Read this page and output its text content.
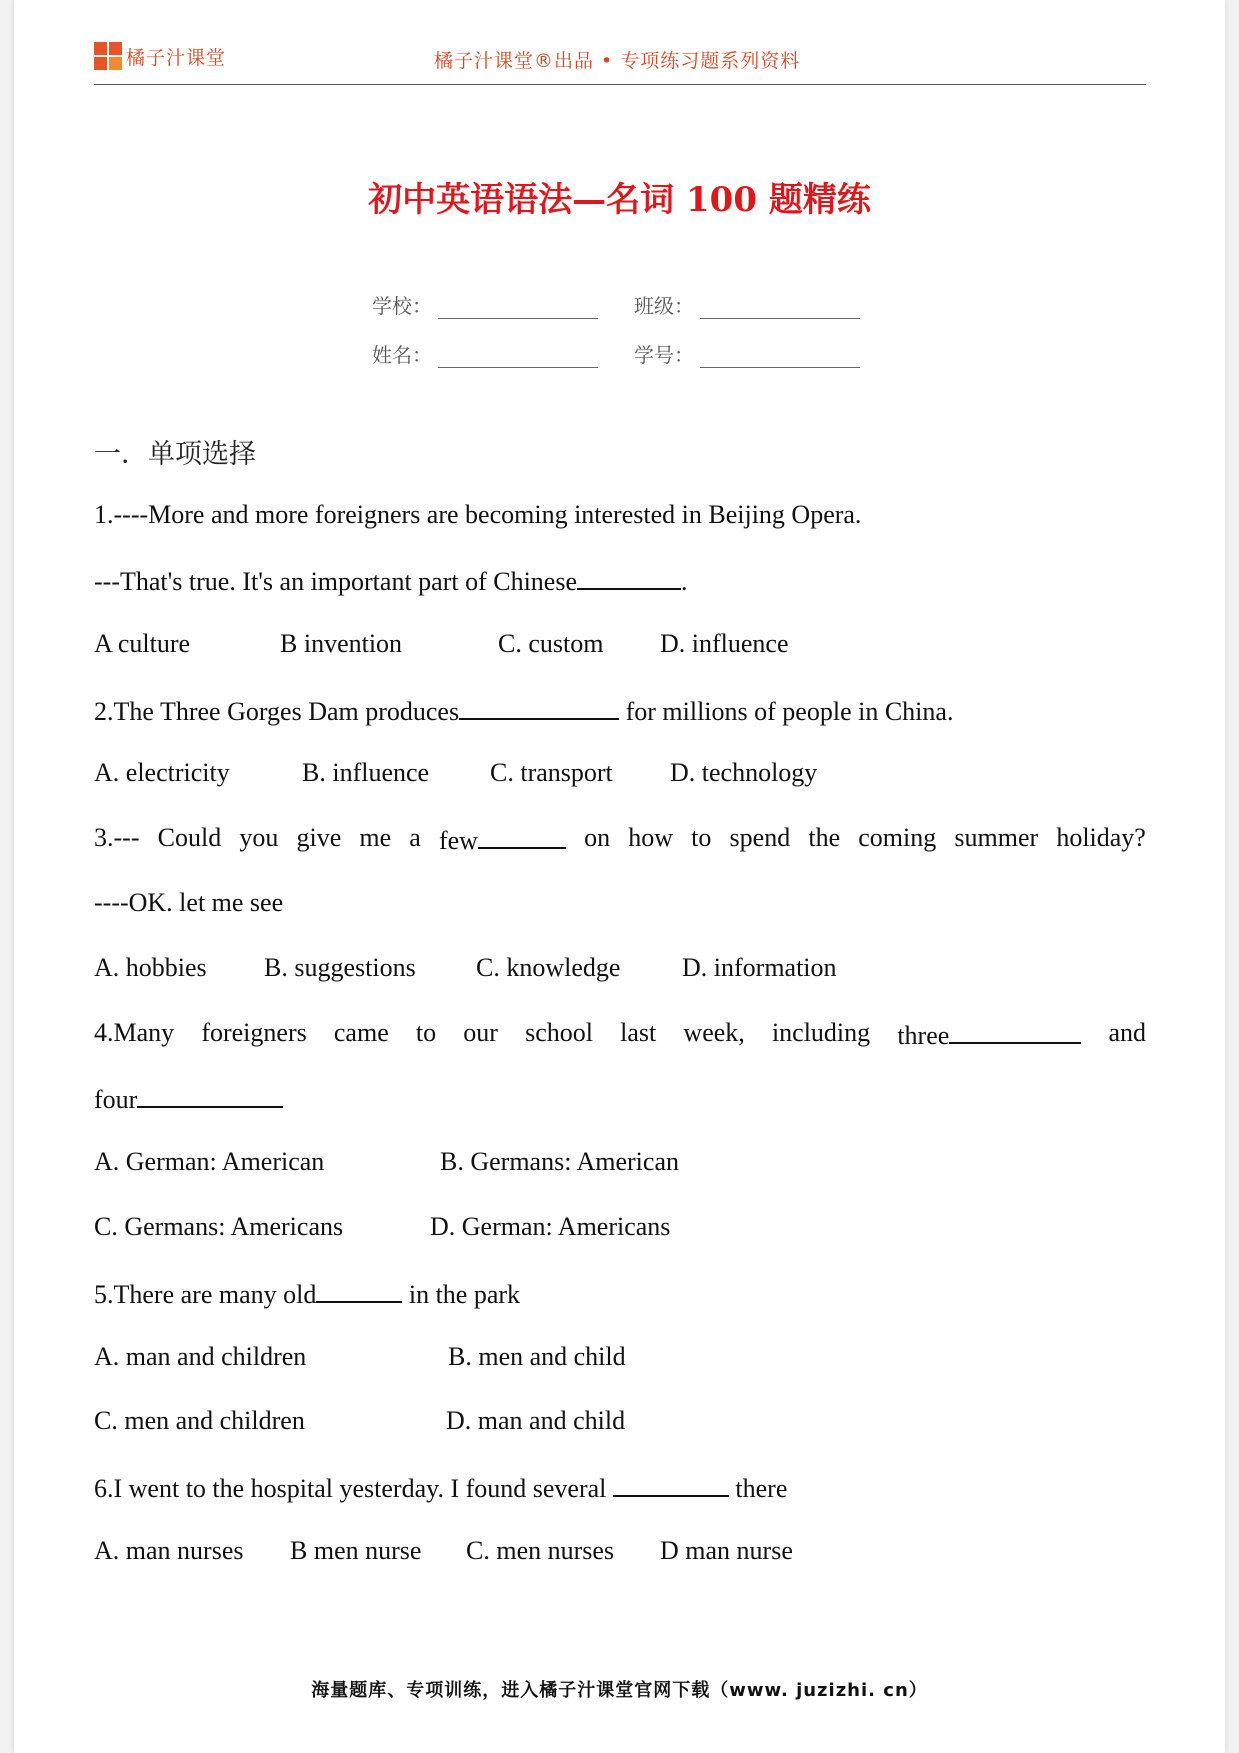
橘子汁课堂	橘子汁课堂®出品 • 专项练习题系列资料
初中英语语法—名词 100 题精练
学校：	班级：
姓名：	学号：
一．单项选择
1.----More and more foreigners are becoming interested in Beijing Opera.
---That's true. It's an important part of Chinese	.
A culture	B invention	C. custom D. influence
2.The Three Gorges Dam produces	for millions of people in China.
A. electricity	B. influence C. transport D. technology
3.--- Could you give me a few	on how to spend the coming summer holiday?
----OK. let me see
A. hobbies B. suggestions C. knowledge D. information
4.Many foreigners came to our school last week, including three	and
four
A. German: American	B. Germans: American
C. Germans: Americans	D. German: Americans
5.There are many old	in the park
A. man and children	B. men and child
C. men and children	D. man and child
6.I went to the hospital yesterday. I found several	there
A. man nurses B men nurse C. men nurses D man nurse
海量题库、专项训练，进入橘子汁课堂官网下载（www. juzizhi. cn）
